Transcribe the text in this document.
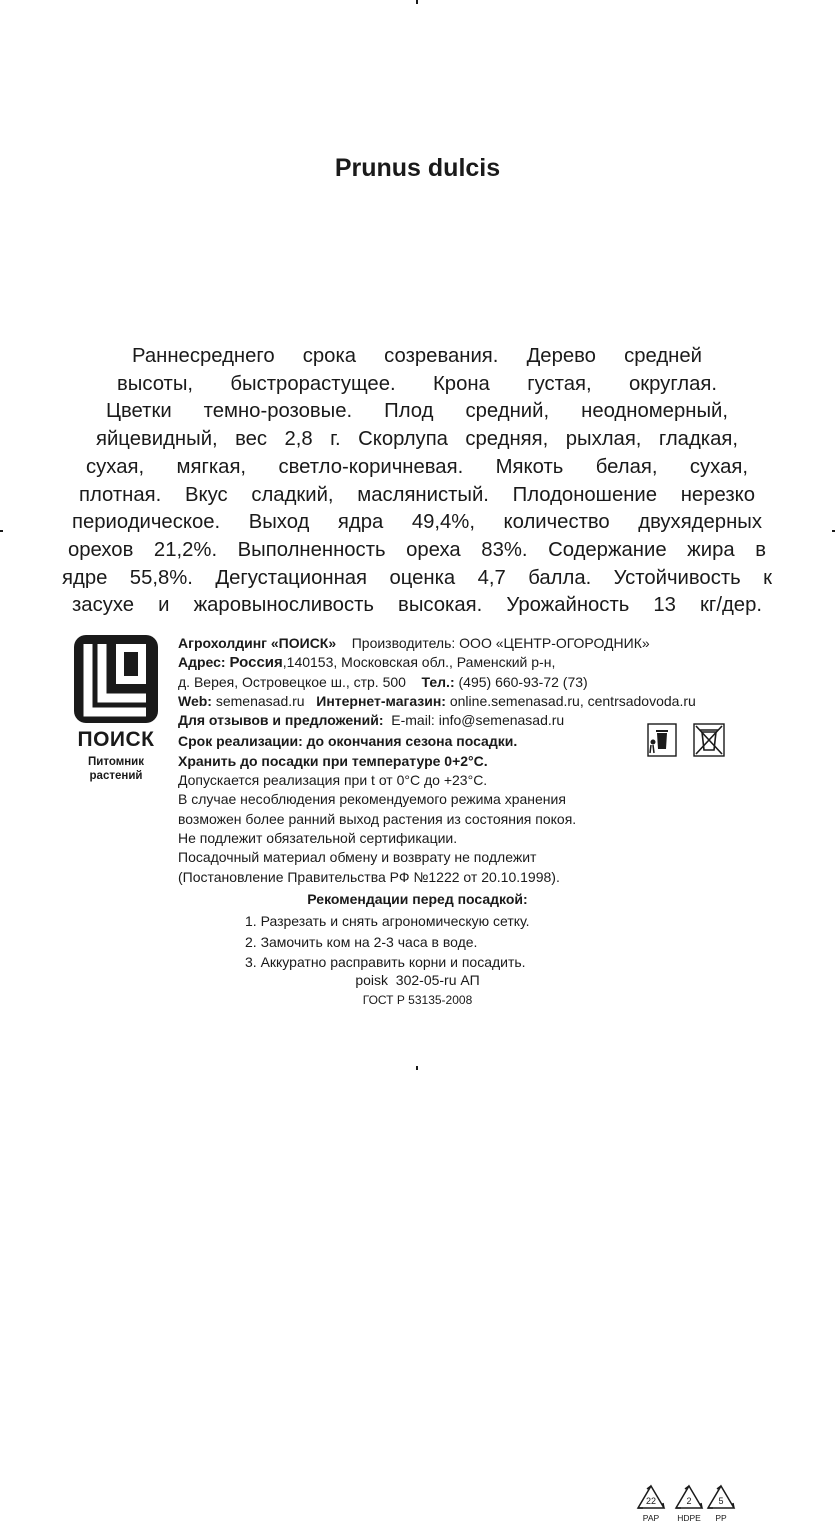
Prunus dulcis
Раннесреднего срока созревания. Дерево средней
высоты, быстрорастущее. Крона густая, округлая.
Цветки темно-розовые. Плод средний, неодномерный,
яйцевидный, вес 2,8 г. Скорлупа средняя, рыхлая, гладкая,
сухая, мягкая, светло-коричневая. Мякоть белая, сухая,
плотная. Вкус сладкий, маслянистый. Плодоношение нерезко
периодическое. Выход ядра 49,4%, количество двухядерных
орехов 21,2%. Выполненность ореха 83%. Содержание жира в
ядре 55,8%. Дегустационная оценка 4,7 балла. Устойчивость к
засухе и жаровыносливость высокая. Урожайность 13 кг/дер.
ПОИСК
Питомник
растений
Агрохолдинг «ПОИСК» Производитель: ООО «ЦЕНТР-ОГОРОДНИК»
Адрес: Россия,140153, Московская обл., Раменский р-н,
д. Верея, Островецкое ш., стр. 500 Тел.: (495) 660-93-72 (73)
Web: semenasad.ru Интернет-магазин: online.semenasad.ru, centrsadovoda.ru
Для отзывов и предложений: E-mail: info@semenasad.ru
Срок реализации: до окончания сезона посадки.
Хранить до посадки при температуре 0+2°С.
Допускается реализация при t от 0°С до +23°С.
В случае несоблюдения рекомендуемого режима хранения
возможен более ранний выход растения из состояния покоя.
Не подлежит обязательной сертификации.
Посадочный материал обмену и возврату не подлежит
(Постановление Правительства РФ №1222 от 20.10.1998).
22
PAP
2
HDPE
5
PP
Рекомендации перед посадкой:
1. Разрезать и снять агрономическую сетку.
2. Замочить ком на 2-3 часа в воде.
3. Аккуратно расправить корни и посадить.
poisk  302-05-ru АП
ГОСТ Р 53135-2008
